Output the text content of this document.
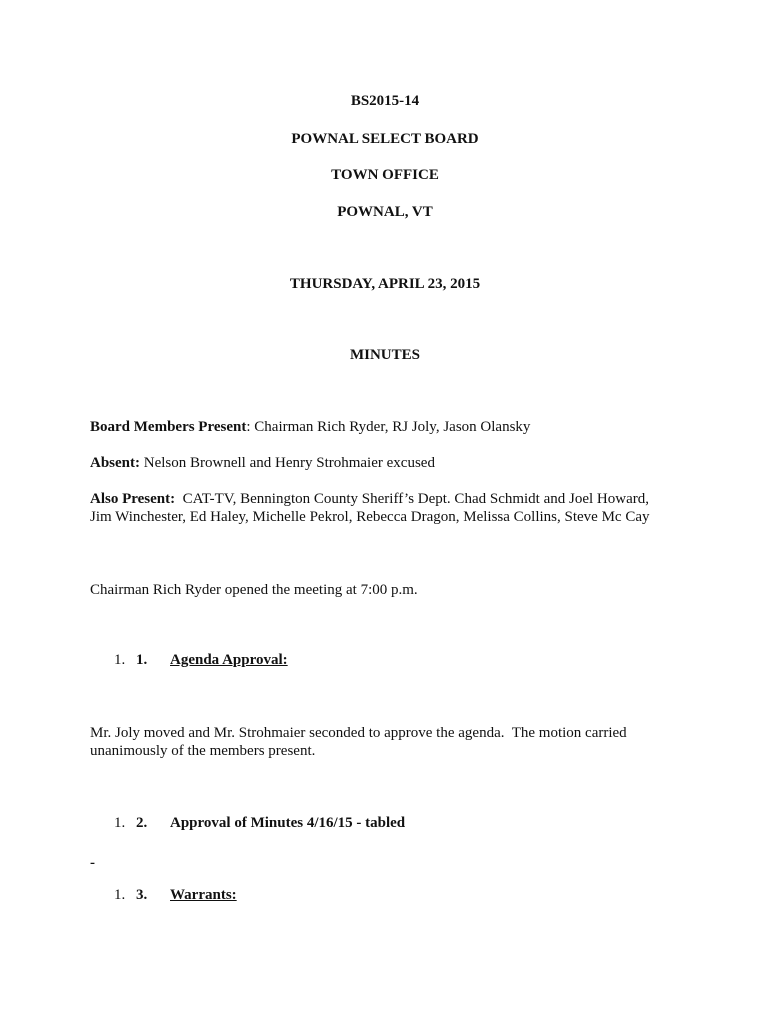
BS2015-14
POWNAL SELECT BOARD
TOWN OFFICE
POWNAL, VT
THURSDAY, APRIL 23, 2015
MINUTES
Board Members Present: Chairman Rich Ryder, RJ Joly, Jason Olansky
Absent: Nelson Brownell and Henry Strohmaier excused
Also Present:  CAT-TV, Bennington County Sheriff’s Dept. Chad Schmidt and Joel Howard,
Jim Winchester, Ed Haley, Michelle Pekrol, Rebecca Dragon, Melissa Collins, Steve Mc Cay
Chairman Rich Ryder opened the meeting at 7:00 p.m.
1. 1. Agenda Approval:
Mr. Joly moved and Mr. Strohmaier seconded to approve the agenda.  The motion carried
unanimously of the members present.
1. 2. Approval of Minutes 4/16/15 - tabled
-
1. 3. Warrants:
